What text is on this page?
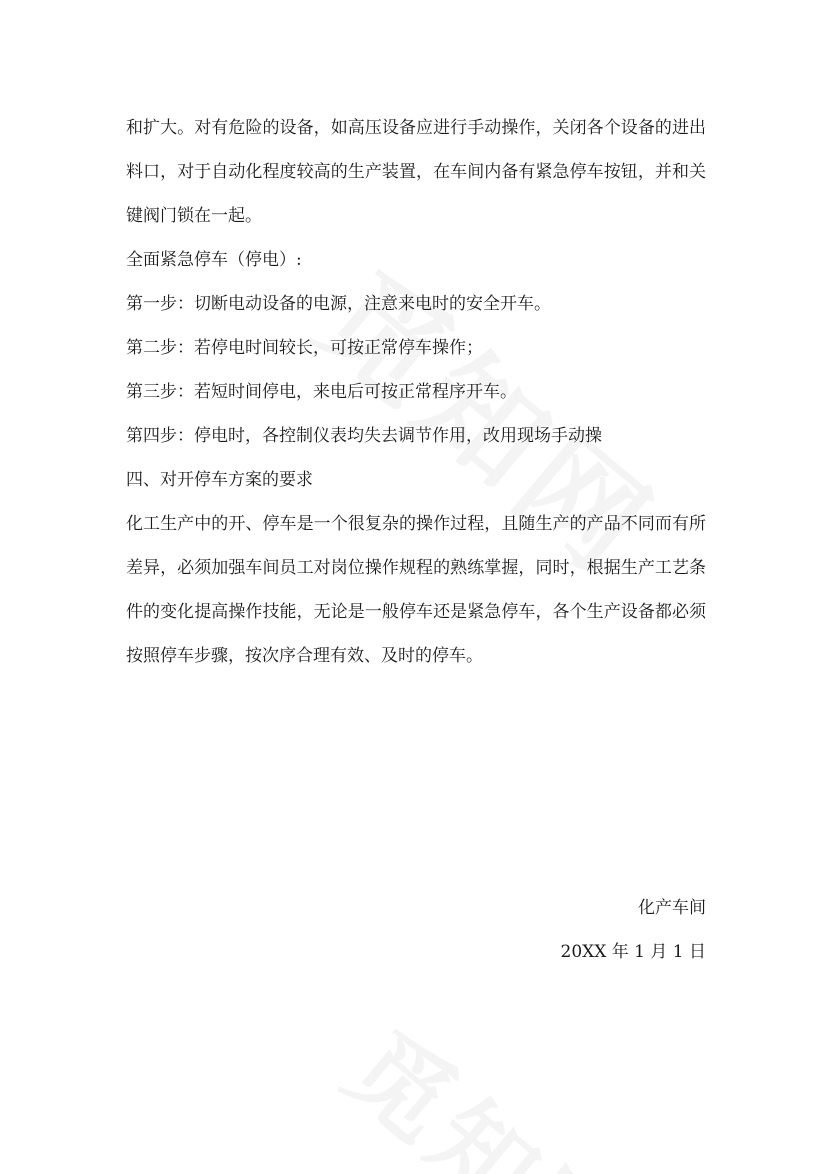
和扩大。对有危险的设备，如高压设备应进行手动操作，关闭各个设备的进出料口，对于自动化程度较高的生产装置，在车间内备有紧急停车按钮，并和关键阀门锁在一起。

全面紧急停车（停电）:

第一步：切断电动设备的电源，注意来电时的安全开车。

第二步：若停电时间较长，可按正常停车操作；

第三步：若短时间停电，来电后可按正常程序开车。

第四步：停电时，各控制仪表均失去调节作用，改用现场手动操

四、对开停车方案的要求

化工生产中的开、停车是一个很复杂的操作过程，且随生产的产品不同而有所差异，必须加强车间员工对岗位操作规程的熟练掌握，同时，根据生产工艺条件的变化提高操作技能，无论是一般停车还是紧急停车，各个生产设备都必须按照停车步骤，按次序合理有效、及时的停车。

化产车间

20XX 年 1 月 1 日
